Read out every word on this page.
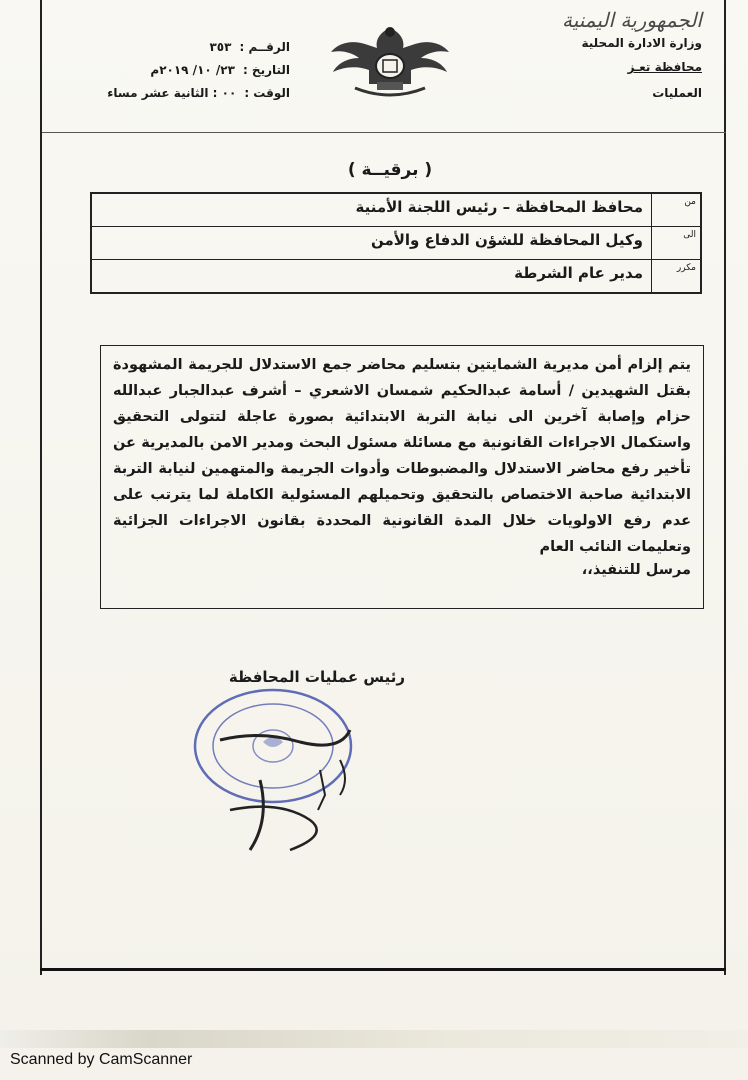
الجمهورية اليمنية
وزارة الادارة المحلية
محافظة تعـز
العمليات
الرقــم :
٣٥٣
التاريخ :
٢٣/ ١٠/ ٢٠١٩م
الوقت :
٠٠ : الثانية عشر مساء
( برقيــة )
من
محافظ المحافظة – رئيس اللجنة الأمنية
الى
وكيل المحافظة للشؤن الدفاع والأمن
مكرر
مدير عام الشرطة
يتم إلزام أمن مديرية الشمايتين بتسليم محاضر جمع الاستدلال للجريمة المشهودة بقتل الشهيدين / أسامة عبدالحكيم شمسان الاشعري – أشرف عبدالجبار عبدالله حزام وإصابة آخرين الى نيابة التربة الابتدائية بصورة عاجلة لتتولى التحقيق واستكمال الاجراءات القانونية مع مسائلة مسئول البحث ومدير الامن بالمديرية عن تأخير رفع محاضر الاستدلال والمضبوطات وأدوات الجريمة والمتهمين لنيابة التربة الابتدائية صاحبة الاختصاص بالتحقيق وتحميلهم المسئولية الكاملة لما يترتب على عدم رفع الاولويات خلال المدة القانونية المحددة بقانون الاجراءات الجزائية وتعليمات النائب العام
مرسل للتنفيذ،،
رئيس عمليات المحافظة
Scanned by CamScanner
